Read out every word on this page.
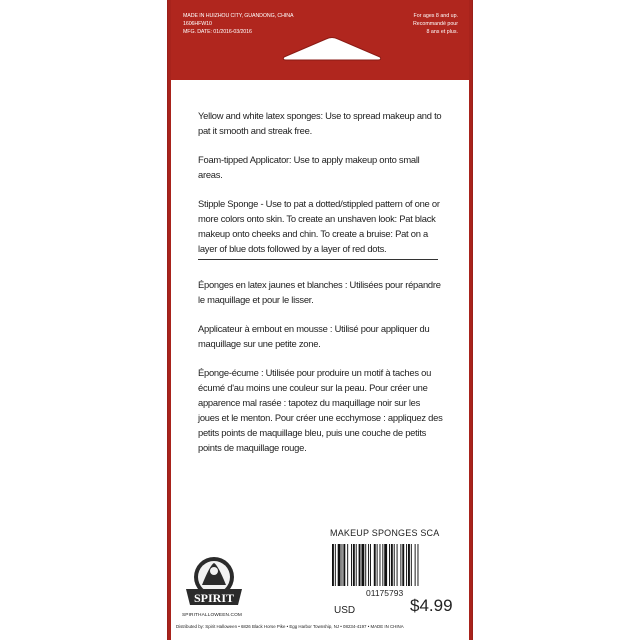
MADE IN HUIZHOU CITY, GUANDONG, CHINA
1606HFW10
MFG. DATE: 01/2016-03/2016
For ages 8 and up.
Recommandé pour
8 ans et plus.

Yellow and white latex sponges: Use to spread makeup and to pat it smooth and streak free.

Foam-tipped Applicator: Use to apply makeup onto small areas.

Stipple Sponge - Use to pat a dotted/stippled pattern of one or more colors onto skin. To create an unshaven look: Pat black makeup onto cheeks and chin. To create a bruise: Pat on a layer of blue dots followed by a layer of red dots.

Éponges en latex jaunes et blanches : Utilisées pour répandre le maquillage et pour le lisser.

Applicateur à embout en mousse : Utilisé pour appliquer du maquillage sur une petite zone.

Éponge-écume : Utilisée pour produire un motif à taches ou écumé d'au moins une couleur sur la peau. Pour créer une apparence mal rasée : tapotez du maquillage noir sur les joues et le menton. Pour créer une ecchymose : appliquez des petits points de maquillage bleu, puis une couche de petits points de maquillage rouge.

SPIRIT
SPIRITHALLOWEEN.COM
MAKEUP SPONGES SCA
01175793
USD	$4.99
Distributed by: Spirit Halloween • 6826 Black Horse Pike • Egg Harbor Township, NJ • 08234-4197 • MADE IN CHINA
